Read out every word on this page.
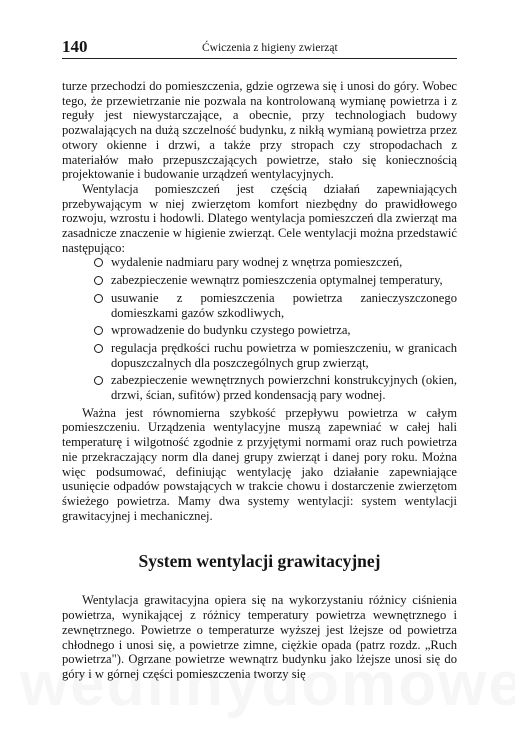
140	Ćwiczenia z higieny zwierząt

turze przechodzi do pomieszczenia, gdzie ogrzewa się i unosi do góry. Wobec tego, że przewietrzanie nie pozwala na kontrolowaną wymianę powietrza i z reguły jest niewystarczające, a obecnie, przy technologiach budowy pozwalających na dużą szczelność budynku, z nikłą wymianą powietrza przez otwory okienne i drzwi, a także przy stropach czy stropodachach z materiałów mało przepuszczających powietrze, stało się koniecznością projektowanie i budowanie urządzeń wentylacyjnych.

Wentylacja pomieszczeń jest częścią działań zapewniających przebywającym w niej zwierzętom komfort niezbędny do prawidłowego rozwoju, wzrostu i hodowli. Dlatego wentylacja pomieszczeń dla zwierząt ma zasadnicze znaczenie w higienie zwierząt. Cele wentylacji można przedstawić następująco:

wydalenie nadmiaru pary wodnej z wnętrza pomieszczeń,
zabezpieczenie wewnątrz pomieszczenia optymalnej temperatury,
usuwanie z pomieszczenia powietrza zanieczyszczonego domieszkami gazów szkodliwych,
wprowadzenie do budynku czystego powietrza,
regulacja prędkości ruchu powietrza w pomieszczeniu, w granicach dopuszczalnych dla poszczególnych grup zwierząt,
zabezpieczenie wewnętrznych powierzchni konstrukcyjnych (okien, drzwi, ścian, sufitów) przed kondensacją pary wodnej.

Ważna jest równomierna szybkość przepływu powietrza w całym pomieszczeniu. Urządzenia wentylacyjne muszą zapewniać w całej hali temperaturę i wilgotność zgodnie z przyjętymi normami oraz ruch powietrza nie przekraczający norm dla danej grupy zwierząt i danej pory roku. Można więc podsumować, definiując wentylację jako działanie zapewniające usunięcie odpadów powstających w trakcie chowu i dostarczenie zwierzętom świeżego powietrza. Mamy dwa systemy wentylacji: system wentylacji grawitacyjnej i mechanicznej.

System wentylacji grawitacyjnej

Wentylacja grawitacyjna opiera się na wykorzystaniu różnicy ciśnienia powietrza, wynikającej z różnicy temperatury powietrza wewnętrznego i zewnętrznego. Powietrze o temperaturze wyższej jest lżejsze od powietrza chłodnego i unosi się, a powietrze zimne, ciężkie opada (patrz rozdz. „Ruch powietrza"). Ogrzane powietrze wewnątrz budynku jako lżejsze unosi się do góry i w górnej części pomieszczenia tworzy się
